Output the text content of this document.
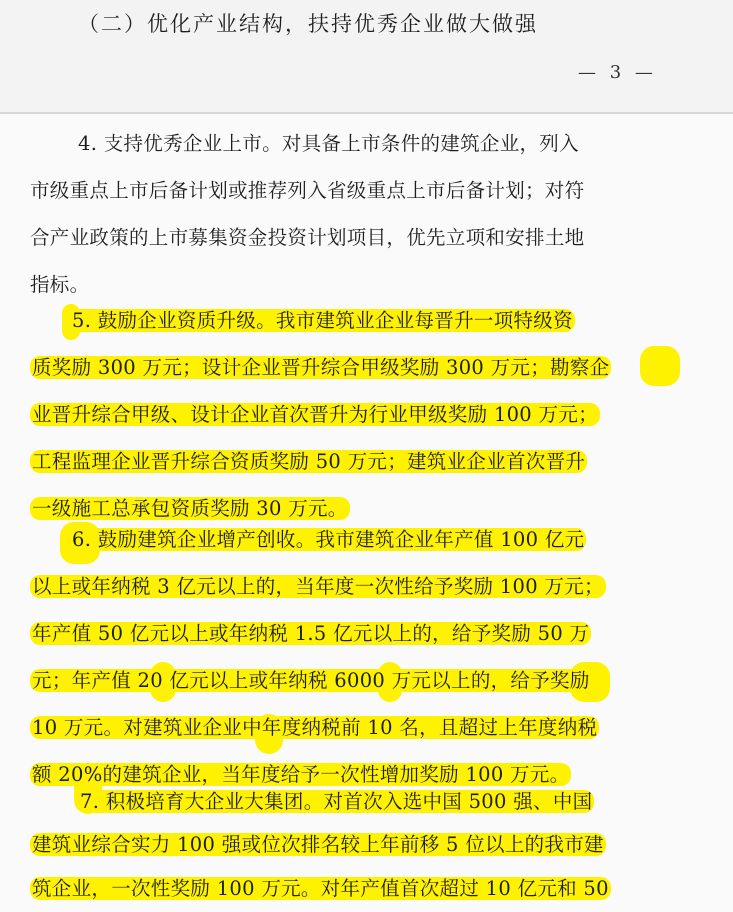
（二）优化产业结构，扶持优秀企业做大做强
— 3 —
4. 支持优秀企业上市。对具备上市条件的建筑企业，列入
市级重点上市后备计划或推荐列入省级重点上市后备计划；对符
合产业政策的上市募集资金投资计划项目，优先立项和安排土地
指标。
5. 鼓励企业资质升级。我市建筑业企业每晋升一项特级资
质奖励 300 万元；设计企业晋升综合甲级奖励 300 万元；勘察企
业晋升综合甲级、设计企业首次晋升为行业甲级奖励 100 万元；
工程监理企业晋升综合资质奖励 50 万元；建筑业企业首次晋升
一级施工总承包资质奖励 30 万元。
6. 鼓励建筑企业增产创收。我市建筑企业年产值 100 亿元
以上或年纳税 3 亿元以上的，当年度一次性给予奖励 100 万元；
年产值 50 亿元以上或年纳税 1.5 亿元以上的，给予奖励 50 万
元；年产值 20 亿元以上或年纳税 6000 万元以上的，给予奖励
10 万元。对建筑业企业中年度纳税前 10 名，且超过上年度纳税
额 20%的建筑企业，当年度给予一次性增加奖励 100 万元。
7. 积极培育大企业大集团。对首次入选中国 500 强、中国
建筑业综合实力 100 强或位次排名较上年前移 5 位以上的我市建
筑企业，一次性奖励 100 万元。对年产值首次超过 10 亿元和 50
